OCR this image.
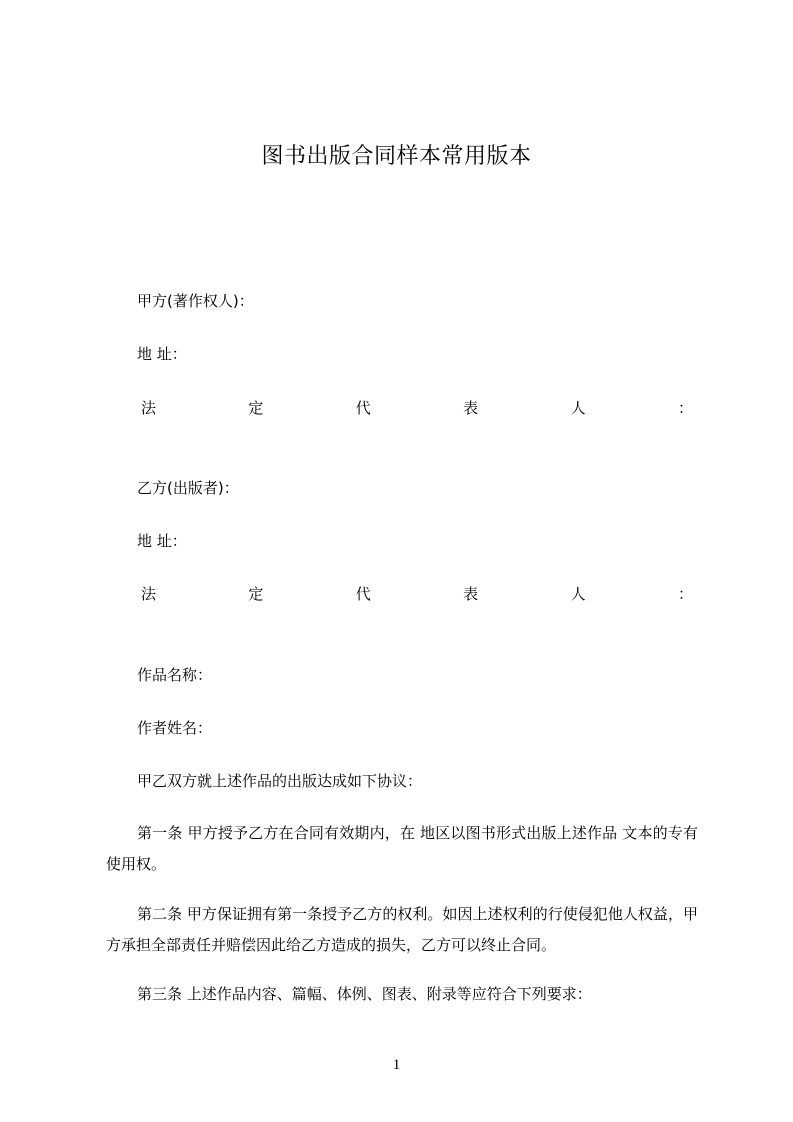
图书出版合同样本常用版本
甲方(著作权人)：
地 址：
法	定	代	表	人	：
乙方(出版者)：
地 址：
法	定	代	表	人	：
作品名称：
作者姓名：
甲乙双方就上述作品的出版达成如下协议：
第一条 甲方授予乙方在合同有效期内，在 地区以图书形式出版上述作品 文本的专有使用权。
第二条 甲方保证拥有第一条授予乙方的权利。如因上述权利的行使侵犯他人权益，甲方承担全部责任并赔偿因此给乙方造成的损失，乙方可以终止合同。
第三条 上述作品内容、篇幅、体例、图表、附录等应符合下列要求：
1
